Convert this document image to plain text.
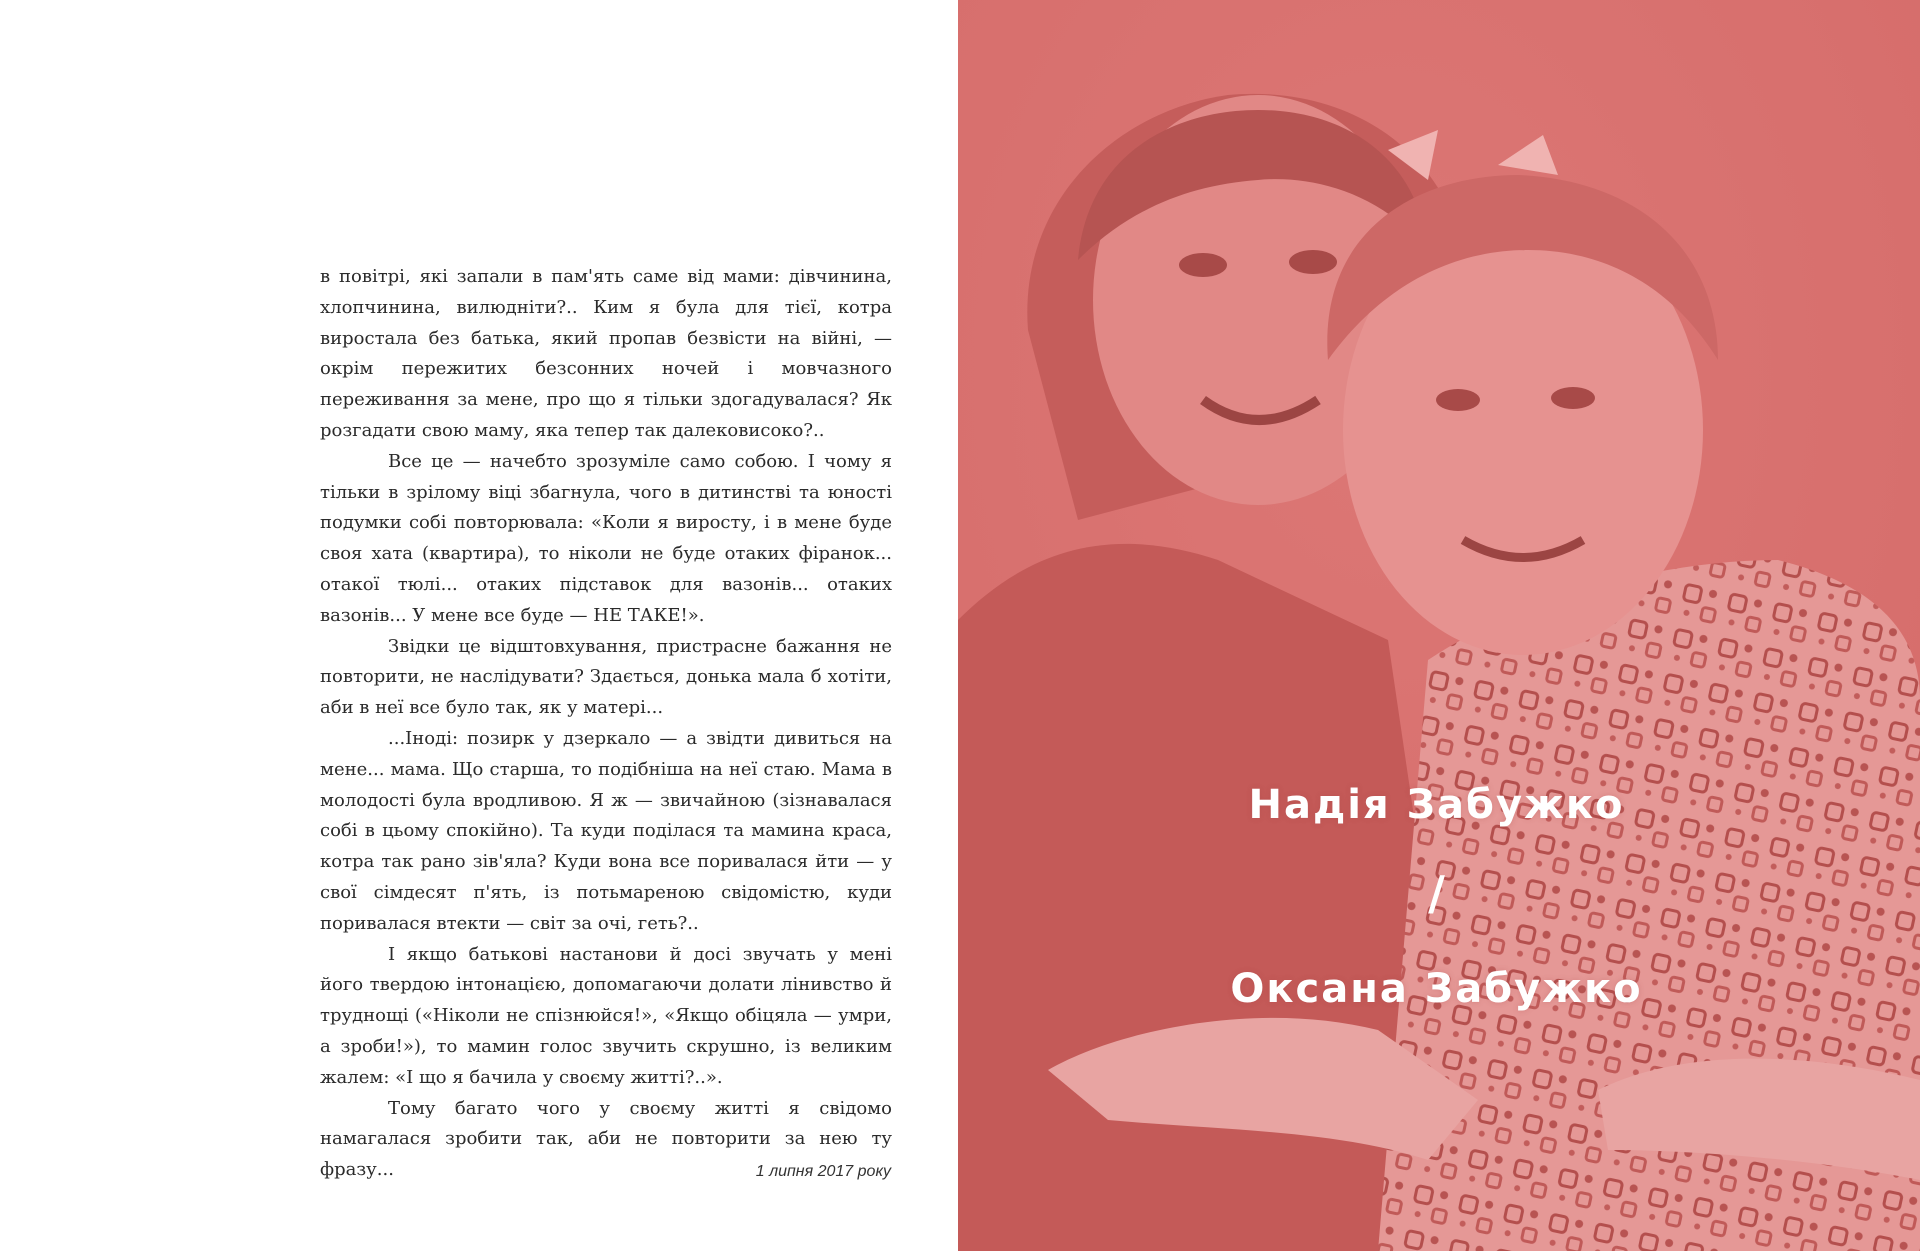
в повітрі, які запали в пам'ять саме від мами: дівчинина, хлопчинина, вилюдніти?.. Ким я була для тієї, котра виростала без батька, який пропав безвісти на війні, — окрім пережитих безсонних ночей і мовчазного переживання за мене, про що я тільки здогадувалася? Як розгадати свою маму, яка тепер так далековисоко?..

Все це — начебто зрозуміле само собою. І чому я тільки в зрілому віці збагнула, чого в дитинстві та юності подумки собі повторювала: «Коли я виросту, і в мене буде своя хата (квартира), то ніколи не буде отаких фіранок... отакої тюлі... отаких підставок для вазонів... отаких вазонів... У мене все буде — НЕ ТАКЕ!».

Звідки це відштовхування, пристрасне бажання не повторити, не наслідувати? Здається, донька мала б хотіти, аби в неї все було так, як у матері...

...Іноді: позирк у дзеркало — а звідти дивиться на мене... мама. Що старша, то подібніша на неї стаю. Мама в молодості була вродливою. Я ж — звичайною (зізнавалася собі в цьому спокійно). Та куди поділася та мамина краса, котра так рано зів'яла? Куди вона все поривалася йти — у свої сімдесят п'ять, із потьмареною свідомістю, куди поривалася втекти — світ за очі, геть?..

І якщо батькові настанови й досі звучать у мені його твердою інтонацією, допомагаючи долати лінивство й труднощі («Ніколи не спізнюйся!», «Якщо обіцяла — умри, а зроби!»), то мамин голос звучить скрушно, із великим жалем: «І що я бачила у своєму житті?..».

Тому багато чого у своєму житті я свідомо намагалася зробити так, аби не повторити за нею ту фразу...	1 липня 2017 року
Надія Забужко
/
Оксана Забужко
